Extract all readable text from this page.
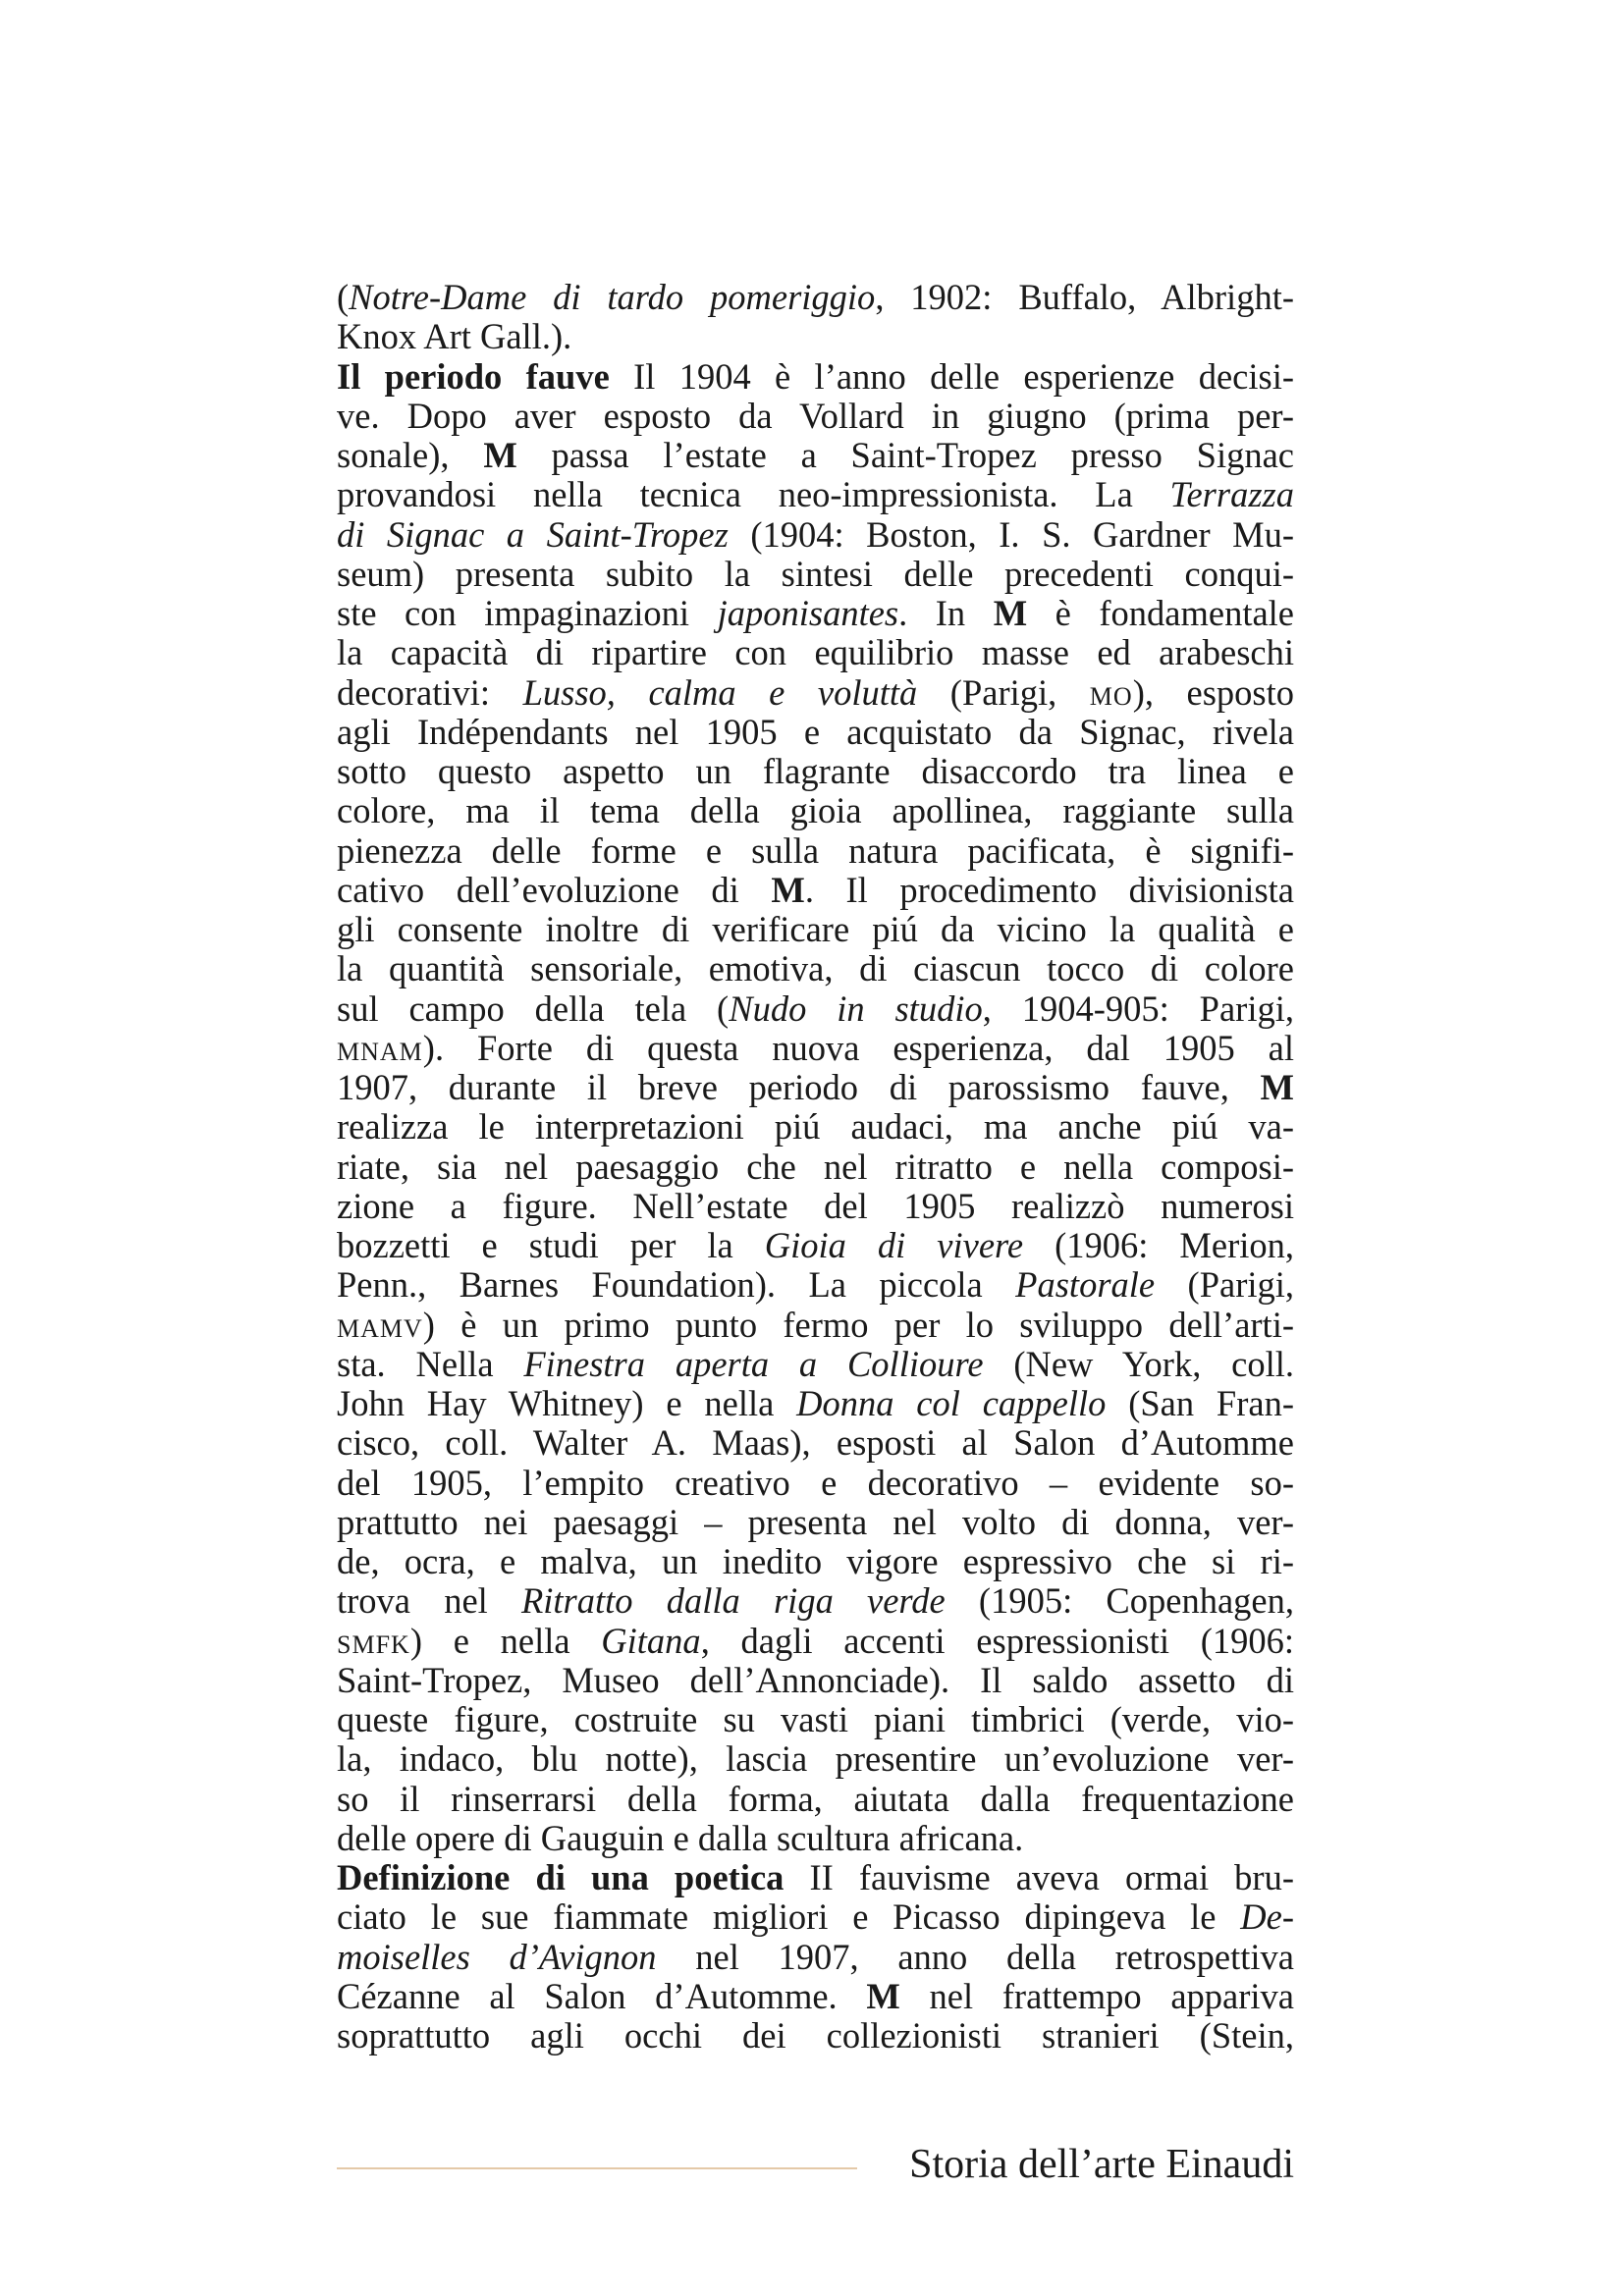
(Notre-Dame di tardo pomeriggio, 1902: Buffalo, Albright-
Knox Art Gall.).
Il periodo fauve Il 1904 è l’anno delle esperienze decisi-
ve. Dopo aver esposto da Vollard in giugno (prima per-
sonale), M passa l’estate a Saint-Tropez presso Signac
provandosi nella tecnica neo-impressionista. La Terrazza
di Signac a Saint-Tropez (1904: Boston, I. S. Gardner Mu-
seum) presenta subito la sintesi delle precedenti conqui-
ste con impaginazioni japonisantes. In M è fondamentale
la capacità di ripartire con equilibrio masse ed arabeschi
decorativi: Lusso, calma e voluttà (Parigi, MO), esposto
agli Indépendants nel 1905 e acquistato da Signac, rivela
sotto questo aspetto un flagrante disaccordo tra linea e
colore, ma il tema della gioia apollinea, raggiante sulla
pienezza delle forme e sulla natura pacificata, è signifi-
cativo dell’evoluzione di M. Il procedimento divisionista
gli consente inoltre di verificare piú da vicino la qualità e
la quantità sensoriale, emotiva, di ciascun tocco di colore
sul campo della tela (Nudo in studio, 1904-905: Parigi,
MNAM). Forte di questa nuova esperienza, dal 1905 al
1907, durante il breve periodo di parossismo fauve, M
realizza le interpretazioni piú audaci, ma anche piú va-
riate, sia nel paesaggio che nel ritratto e nella composi-
zione a figure. Nell’estate del 1905 realizzò numerosi
bozzetti e studi per la Gioia di vivere (1906: Merion,
Penn., Barnes Foundation). La piccola Pastorale (Parigi,
MAMV) è un primo punto fermo per lo sviluppo dell’arti-
sta. Nella Finestra aperta a Collioure (New York, coll.
John Hay Whitney) e nella Donna col cappello (San Fran-
cisco, coll. Walter A. Maas), esposti al Salon d’Automme
del 1905, l’empito creativo e decorativo – evidente so-
prattutto nei paesaggi – presenta nel volto di donna, ver-
de, ocra, e malva, un inedito vigore espressivo che si ri-
trova nel Ritratto dalla riga verde (1905: Copenhagen,
SMFK) e nella Gitana, dagli accenti espressionisti (1906:
Saint-Tropez, Museo dell’Annonciade). Il saldo assetto di
queste figure, costruite su vasti piani timbrici (verde, vio-
la, indaco, blu notte), lascia presentire un’evoluzione ver-
so il rinserrarsi della forma, aiutata dalla frequentazione
delle opere di Gauguin e dalla scultura africana.
Definizione di una poetica II fauvisme aveva ormai bru-
ciato le sue fiammate migliori e Picasso dipingeva le De-
moiselles d’Avignon nel 1907, anno della retrospettiva
Cézanne al Salon d’Automme. M nel frattempo appariva
soprattutto agli occhi dei collezionisti stranieri (Stein,
Storia dell’arte Einaudi
